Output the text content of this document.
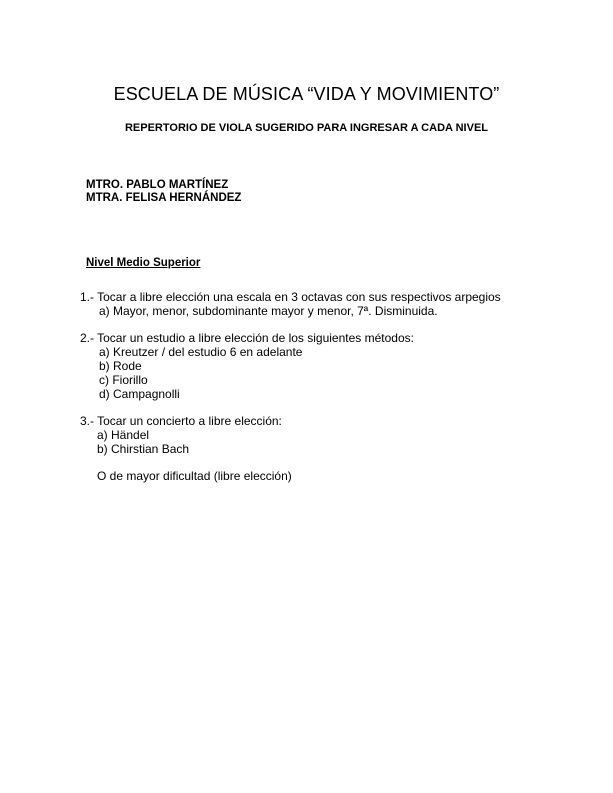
ESCUELA DE MÚSICA “VIDA Y MOVIMIENTO”
REPERTORIO DE VIOLA SUGERIDO PARA INGRESAR A CADA NIVEL
MTRO. PABLO MARTÍNEZ
MTRA. FELISA HERNÁNDEZ
Nivel Medio Superior
1.- Tocar a libre elección una escala en 3 octavas con sus respectivos arpegios
a) Mayor, menor, subdominante mayor y menor, 7ª. Disminuida.
2.- Tocar un estudio a libre elección de los siguientes métodos:
a) Kreutzer / del estudio 6 en adelante
b) Rode
c) Fiorillo
d) Campagnolli
3.- Tocar un concierto a libre elección:
a) Händel
b) Chirstian Bach
O de mayor dificultad (libre elección)
